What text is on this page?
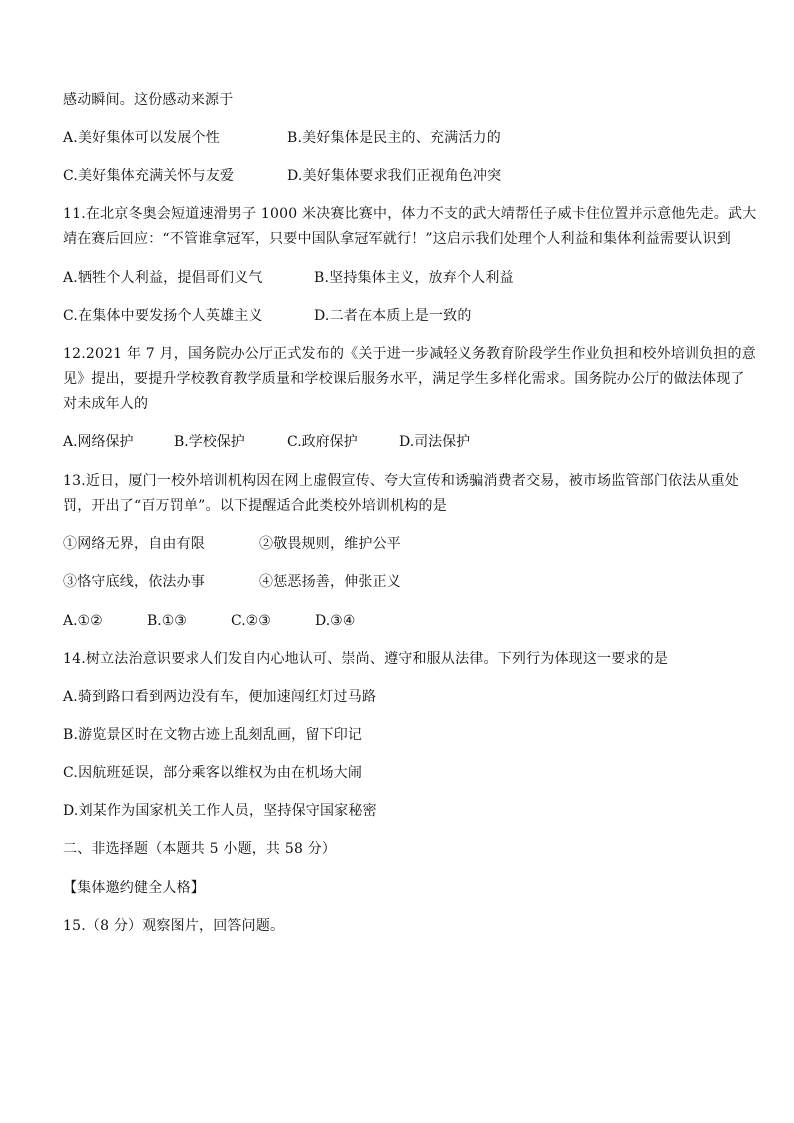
感动瞬间。这份感动来源于
A.美好集体可以发展个性	B.美好集体是民主的、充满活力的
C.美好集体充满关怀与友爱	D.美好集体要求我们正视角色冲突
11.在北京冬奥会短道速滑男子 1000 米决赛比赛中，体力不支的武大靖帮任子威卡住位置并示意他先走。武大
靖在赛后回应：“不管谁拿冠军，只要中国队拿冠军就行！”这启示我们处理个人利益和集体利益需要认识到
A.牺牲个人利益，提倡哥们义气	B.坚持集体主义，放弃个人利益
C.在集体中要发扬个人英雄主义	D.二者在本质上是一致的
12.2021 年 7 月，国务院办公厅正式发布的《关于进一步减轻义务教育阶段学生作业负担和校外培训负担的意
见》提出，要提升学校教育教学质量和学校课后服务水平，满足学生多样化需求。国务院办公厅的做法体现了
对未成年人的
A.网络保护	B.学校保护	C.政府保护	D.司法保护
13.近日，厦门一校外培训机构因在网上虚假宣传、夸大宣传和诱骗消费者交易，被市场监管部门依法从重处
罚，开出了“百万罚单”。以下提醒适合此类校外培训机构的是
①网络无界，自由有限	②敬畏规则，维护公平
③恪守底线，依法办事	④惩恶扬善，伸张正义
A.①②	B.①③	C.②③	D.③④
14.树立法治意识要求人们发自内心地认可、崇尚、遵守和服从法律。下列行为体现这一要求的是
A.骑到路口看到两边没有车，便加速闯红灯过马路
B.游览景区时在文物古迹上乱刻乱画，留下印记
C.因航班延误，部分乘客以维权为由在机场大闹
D.刘某作为国家机关工作人员，坚持保守国家秘密
二、非选择题（本题共 5 小题，共 58 分）
【集体邀约健全人格】
15.（8 分）观察图片，回答问题。
